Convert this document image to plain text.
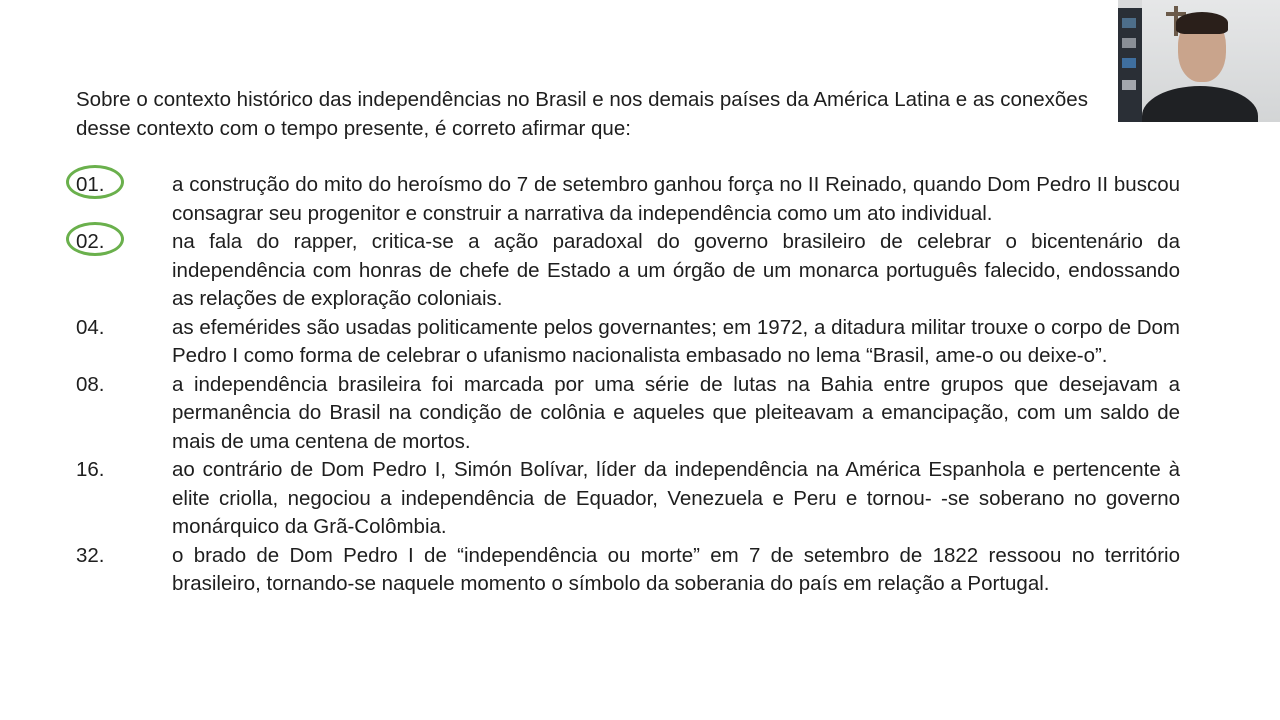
Sobre o contexto histórico das independências no Brasil e nos demais países da América Latina e as conexões
desse contexto com o tempo presente, é correto afirmar que:
01.	a construção do mito do heroísmo do 7 de setembro ganhou força no II Reinado, quando Dom Pedro II buscou consagrar seu progenitor e construir a narrativa da independência como um ato individual.
02.	na fala do rapper, critica-se a ação paradoxal do governo brasileiro de celebrar o bicentenário da independência com honras de chefe de Estado a um órgão de um monarca português falecido, endossando as relações de exploração coloniais.
04.	as efemérides são usadas politicamente pelos governantes; em 1972, a ditadura militar trouxe o corpo de Dom Pedro I como forma de celebrar o ufanismo nacionalista embasado no lema “Brasil, ame-o ou deixe-o”.
08.	a independência brasileira foi marcada por uma série de lutas na Bahia entre grupos que desejavam a permanência do Brasil na condição de colônia e aqueles que pleiteavam a emancipação, com um saldo de mais de uma centena de mortos.
16.	ao contrário de Dom Pedro I, Simón Bolívar, líder da independência na América Espanhola e pertencente à elite criolla, negociou a independência de Equador, Venezuela e Peru e tornou- -se soberano no governo monárquico da Grã-Colômbia.
32.	o brado de Dom Pedro I de “independência ou morte” em 7 de setembro de 1822 ressoou no território brasileiro, tornando-se naquele momento o símbolo da soberania do país em relação a Portugal.
